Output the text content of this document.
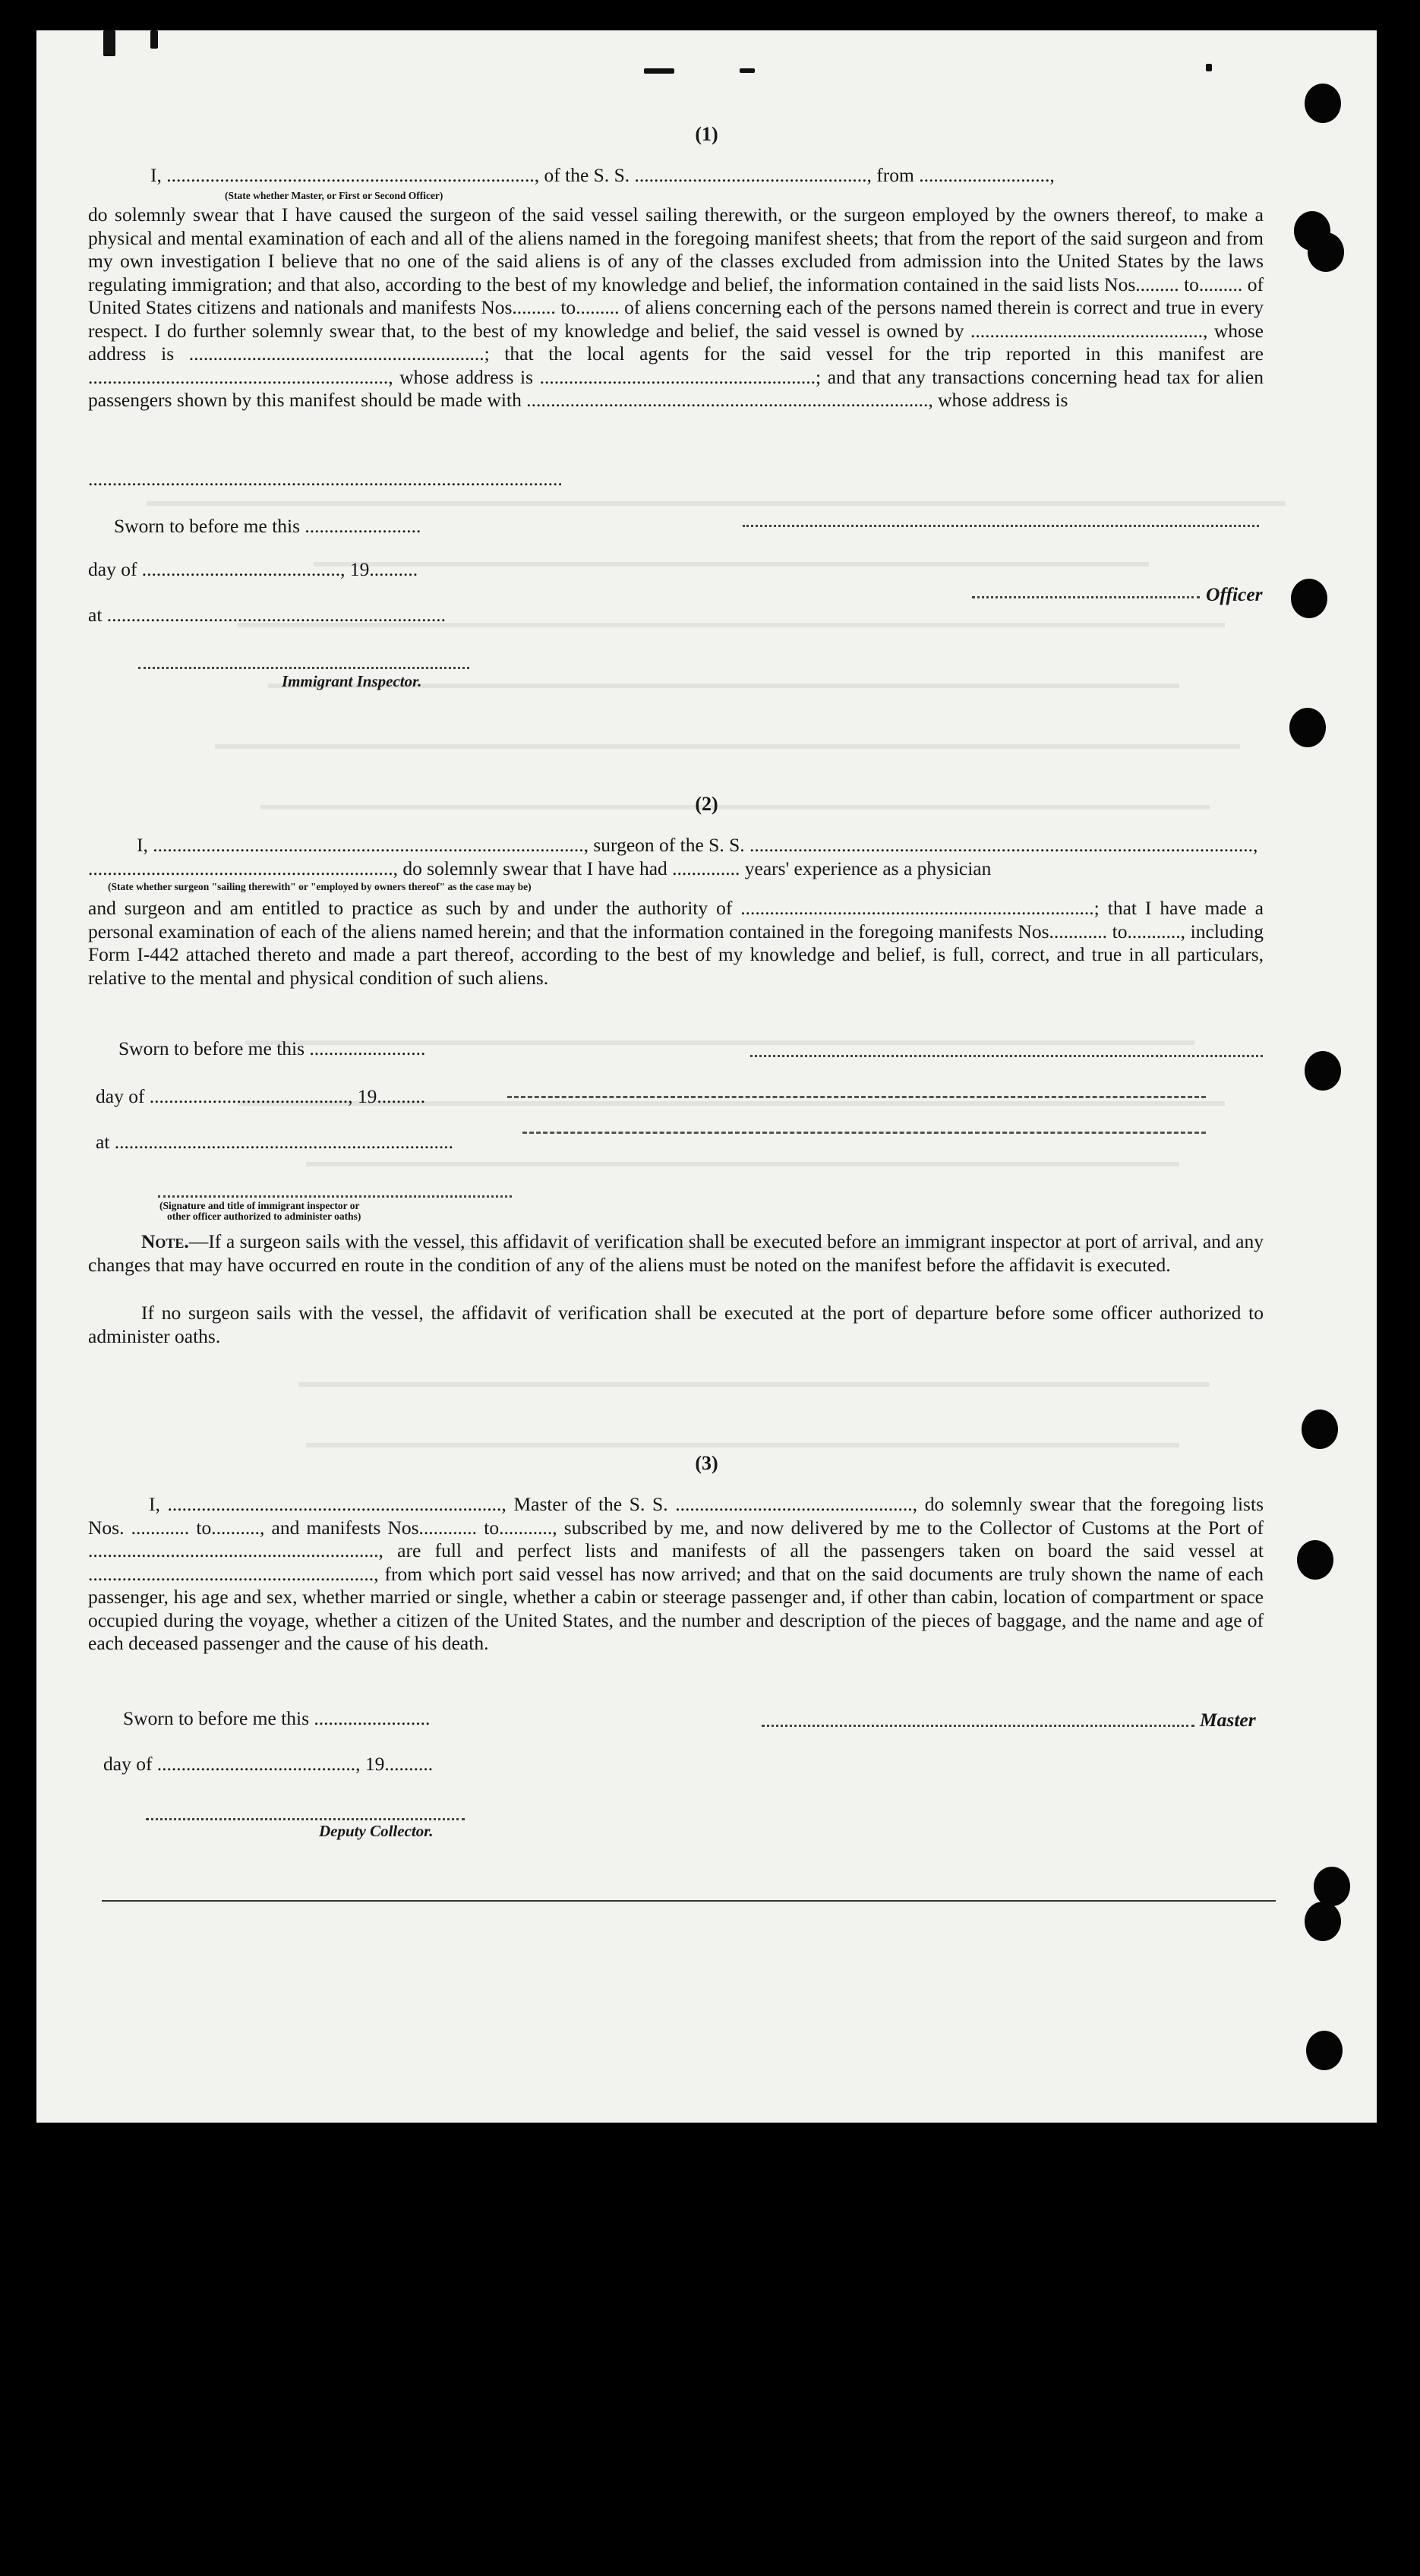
(1)
I, ............................................................................, of the S. S. ................................................, from ...........................,
(State whether Master, or First or Second Officer)
do solemnly swear that I have caused the surgeon of the said vessel sailing therewith, or the surgeon employed by the owners thereof, to make a physical and mental examination of each and all of the aliens named in the foregoing manifest sheets; that from the report of the said surgeon and from my own investigation I believe that no one of the said aliens is of any of the classes excluded from admission into the United States by the laws regulating immigration; and that also, according to the best of my knowledge and belief, the information contained in the said lists Nos......... to......... of United States citizens and nationals and manifests Nos......... to......... of aliens concerning each of the persons named therein is correct and true in every respect. I do further solemnly swear that, to the best of my knowledge and belief, the said vessel is owned by ................................................, whose address is .............................................................; that the local agents for the said vessel for the trip reported in this manifest are .............................................................., whose address is .........................................................; and that any transactions concerning head tax for alien passengers shown by this manifest should be made with ..................................................................................., whose address is
..................................................................................................
Sworn to before me this ........................
day of ........................................., 19..........
Officer
at ......................................................................
Immigrant Inspector.
(2)
I, ........................................................................................., surgeon of the S. S. ........................................................................................................,
..............................................................., do solemnly swear that I have had .............. years' experience as a physician
(State whether surgeon "sailing therewith" or "employed by owners thereof" as the case may be)
and surgeon and am entitled to practice as such by and under the authority of .........................................................................; that I have made a personal examination of each of the aliens named herein; and that the information contained in the foregoing manifests Nos............ to..........., including Form I-442 attached thereto and made a part thereof, according to the best of my knowledge and belief, is full, correct, and true in all particulars, relative to the mental and physical condition of such aliens.
Sworn to before me this ........................
day of ........................................., 19..........
at ......................................................................
(Signature and title of immigrant inspector or
other officer authorized to administer oaths)
Note.—If a surgeon sails with the vessel, this affidavit of verification shall be executed before an immigrant inspector at port of arrival, and any changes that may have occurred en route in the condition of any of the aliens must be noted on the manifest before the affidavit is executed.
If no surgeon sails with the vessel, the affidavit of verification shall be executed at the port of departure before some officer authorized to administer oaths.
(3)
I, ....................................................................., Master of the S. S. ................................................., do solemnly swear that the foregoing lists Nos. ............ to.........., and manifests Nos............ to..........., subscribed by me, and now delivered by me to the Collector of Customs at the Port of ............................................................, are full and perfect lists and manifests of all the passengers taken on board the said vessel at ..........................................................., from which port said vessel has now arrived; and that on the said documents are truly shown the name of each passenger, his age and sex, whether married or single, whether a cabin or steerage passenger and, if other than cabin, location of compartment or space occupied during the voyage, whether a citizen of the United States, and the number and description of the pieces of baggage, and the name and age of each deceased passenger and the cause of his death.
Sworn to before me this ........................	Master
day of ........................................., 19..........
Deputy Collector.
